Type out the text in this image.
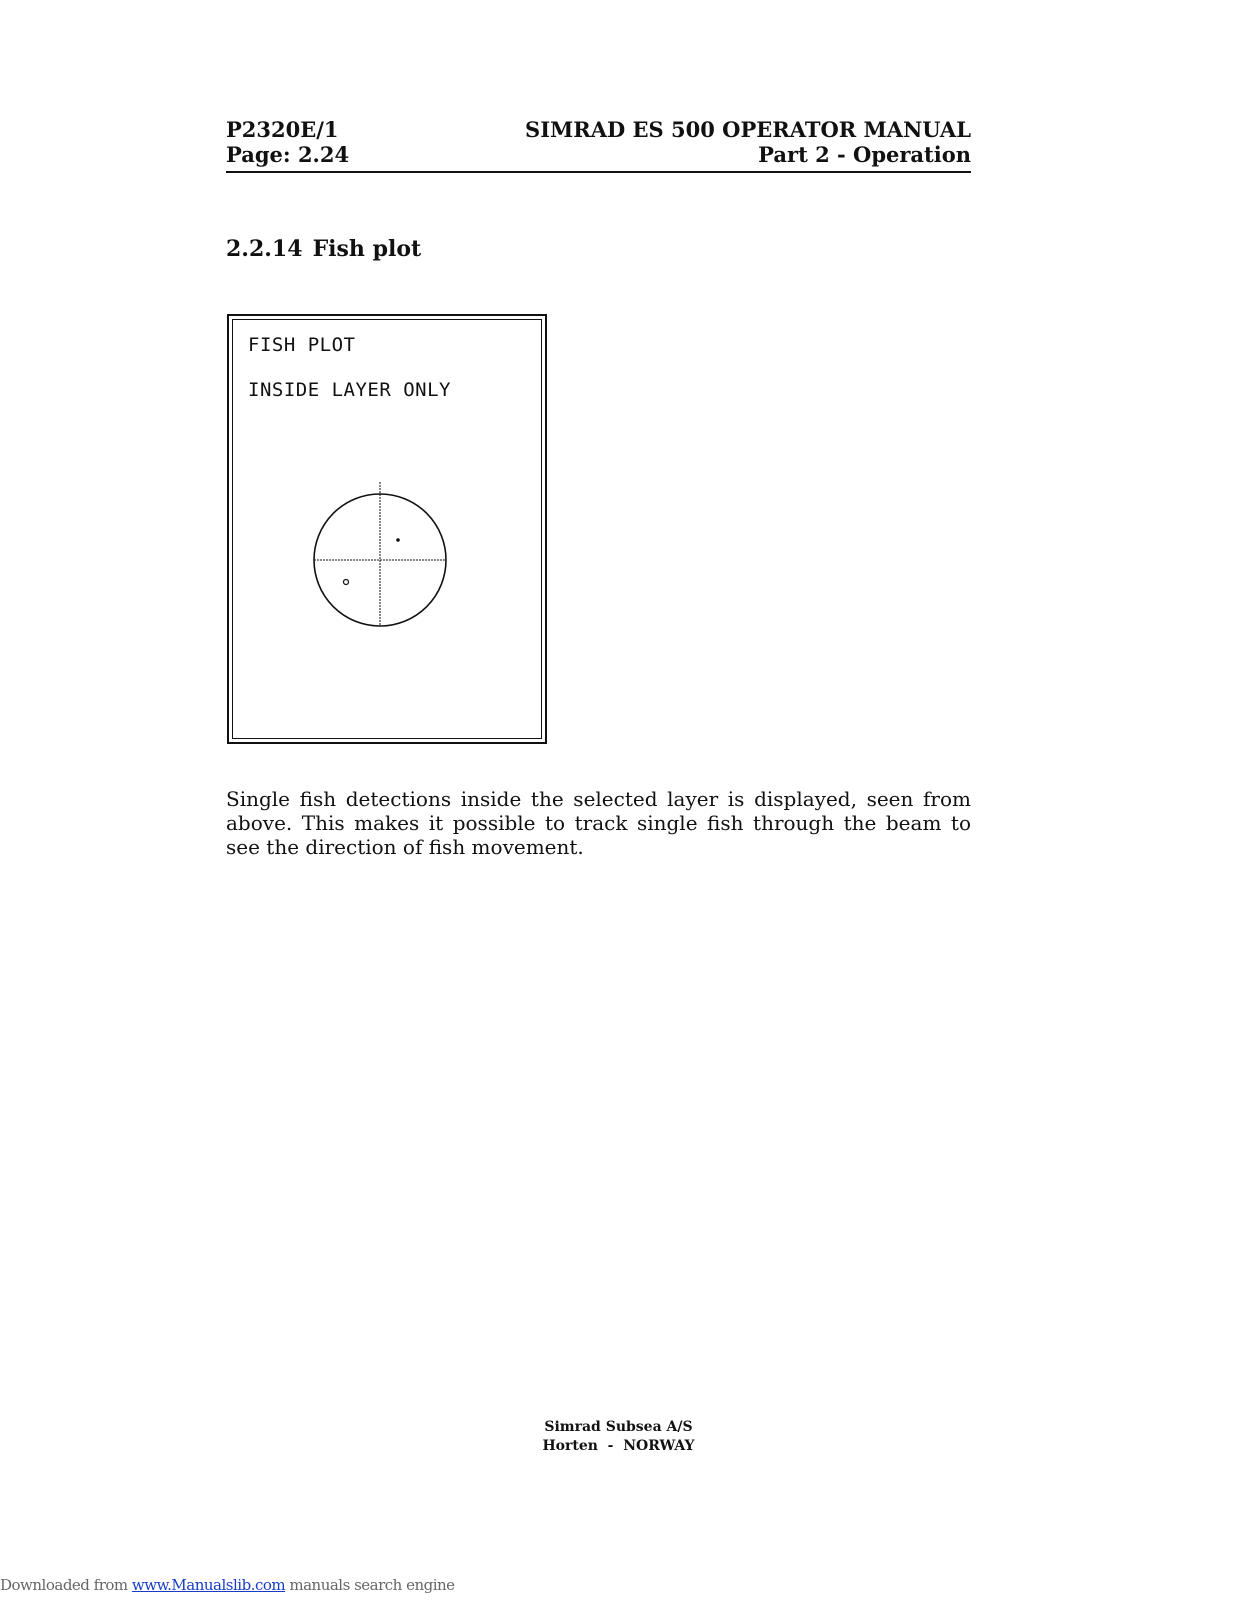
P2320E/1
Page: 2.24
SIMRAD ES 500 OPERATOR MANUAL
Part 2 - Operation
2.2.14 Fish plot
FISH PLOT
INSIDE LAYER ONLY

Single fish detections inside the selected layer is displayed, seen from above. This makes it possible to track single fish through the beam to see the direction of fish movement.

Simrad Subsea A/S
Horten  -  NORWAY
Downloaded from www.Manualslib.com manuals search engine
